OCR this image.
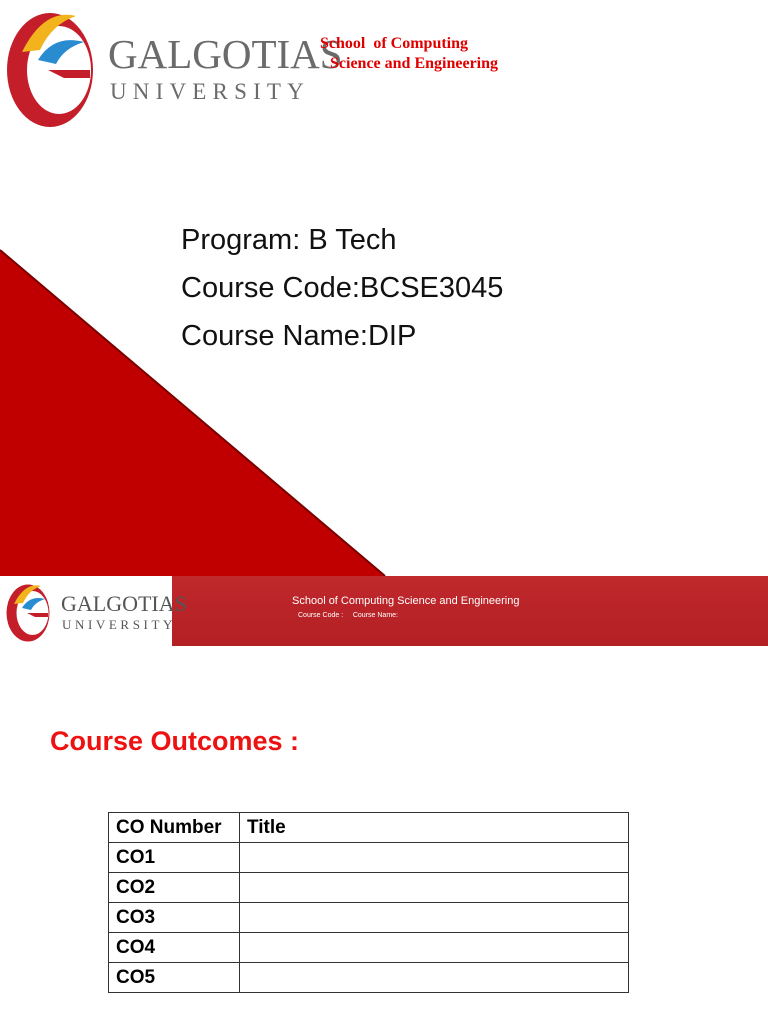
GALGOTIAS
UNIVERSITY
School  of Computing
Science and Engineering
Program: B Tech
Course Code:BCSE3045
Course Name:DIP
GALGOTIAS
UNIVERSITY
School of Computing Science and Engineering
Course Code :     Course Name:
Course Outcomes :
CO Number	Title
CO1	
CO2	
CO3	
CO4	
CO5	
